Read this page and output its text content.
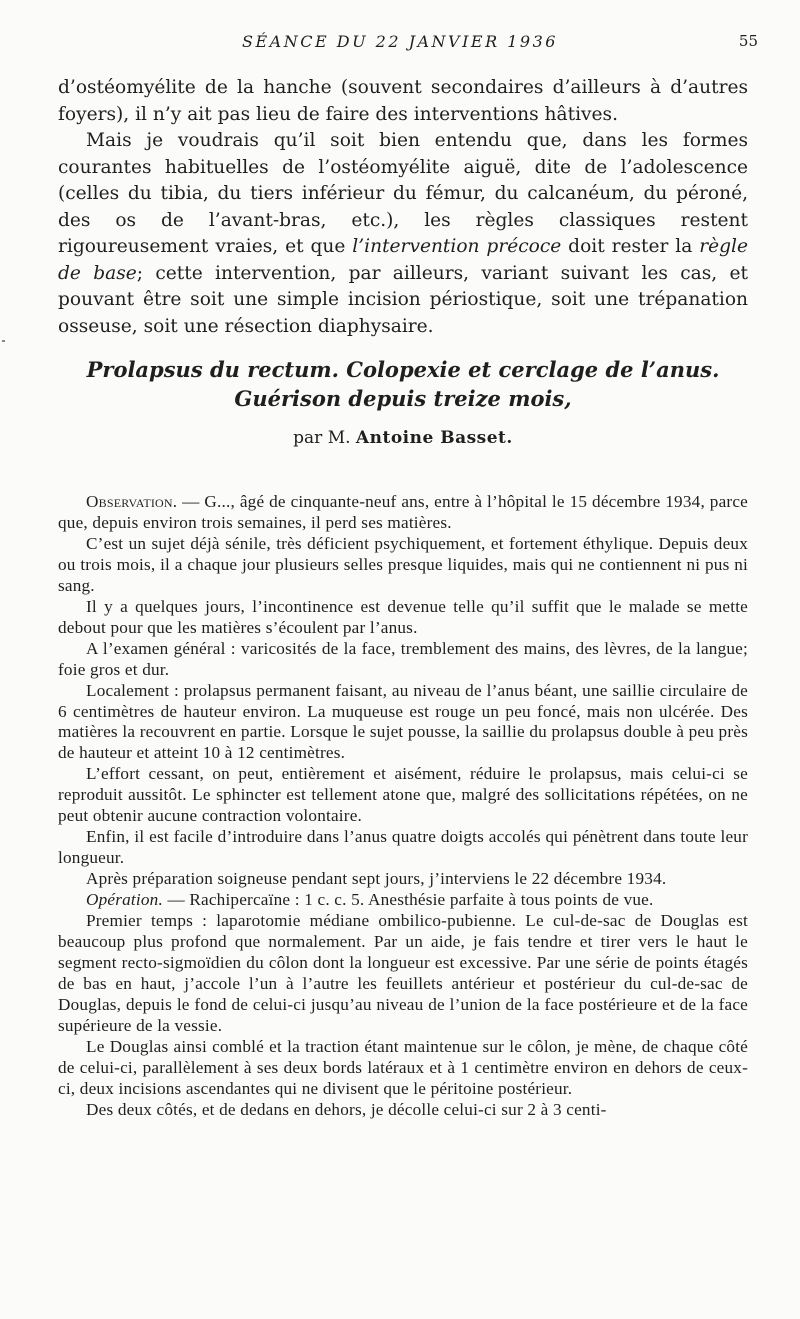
SÉANCE DU 22 JANVIER 1936	55

d’ostéomyélite de la hanche (souvent secondaires d’ailleurs à d’autres foyers), il n’y ait pas lieu de faire des interventions hâtives.

Mais je voudrais qu’il soit bien entendu que, dans les formes courantes habituelles de l’ostéomyélite aiguë, dite de l’adolescence (celles du tibia, du tiers inférieur du fémur, du calcanéum, du péroné, des os de l’avant-bras, etc.), les règles classiques restent rigoureusement vraies, et que l’intervention précoce doit rester la règle de base; cette intervention, par ailleurs, variant suivant les cas, et pouvant être soit une simple incision périostique, soit une trépanation osseuse, soit une résection diaphysaire.

Prolapsus du rectum. Colopexie et cerclage de l’anus.
Guérison depuis treize mois,
par M. Antoine Basset.

Observation. — G..., âgé de cinquante-neuf ans, entre à l’hôpital le 15 décembre 1934, parce que, depuis environ trois semaines, il perd ses matières.

C’est un sujet déjà sénile, très déficient psychiquement, et fortement éthylique. Depuis deux ou trois mois, il a chaque jour plusieurs selles presque liquides, mais qui ne contiennent ni pus ni sang.

Il y a quelques jours, l’incontinence est devenue telle qu’il suffit que le malade se mette debout pour que les matières s’écoulent par l’anus.

A l’examen général : varicosités de la face, tremblement des mains, des lèvres, de la langue; foie gros et dur.

Localement : prolapsus permanent faisant, au niveau de l’anus béant, une saillie circulaire de 6 centimètres de hauteur environ. La muqueuse est rouge un peu foncé, mais non ulcérée. Des matières la recouvrent en partie. Lorsque le sujet pousse, la saillie du prolapsus double à peu près de hauteur et atteint 10 à 12 centimètres.

L’effort cessant, on peut, entièrement et aisément, réduire le prolapsus, mais celui-ci se reproduit aussitôt. Le sphincter est tellement atone que, malgré des sollicitations répétées, on ne peut obtenir aucune contraction volontaire.

Enfin, il est facile d’introduire dans l’anus quatre doigts accolés qui pénètrent dans toute leur longueur.

Après préparation soigneuse pendant sept jours, j’interviens le 22 décembre 1934.

Opération. — Rachipercaïne : 1 c. c. 5. Anesthésie parfaite à tous points de vue.

Premier temps : laparotomie médiane ombilico-pubienne. Le cul-de-sac de Douglas est beaucoup plus profond que normalement. Par un aide, je fais tendre et tirer vers le haut le segment recto-sigmoïdien du côlon dont la longueur est excessive. Par une série de points étagés de bas en haut, j’accole l’un à l’autre les feuillets antérieur et postérieur du cul-de-sac de Douglas, depuis le fond de celui-ci jusqu’au niveau de l’union de la face postérieure et de la face supérieure de la vessie.

Le Douglas ainsi comblé et la traction étant maintenue sur le côlon, je mène, de chaque côté de celui-ci, parallèlement à ses deux bords latéraux et à 1 centimètre environ en dehors de ceux-ci, deux incisions ascendantes qui ne divisent que le péritoine postérieur.

Des deux côtés, et de dedans en dehors, je décolle celui-ci sur 2 à 3 centi-
